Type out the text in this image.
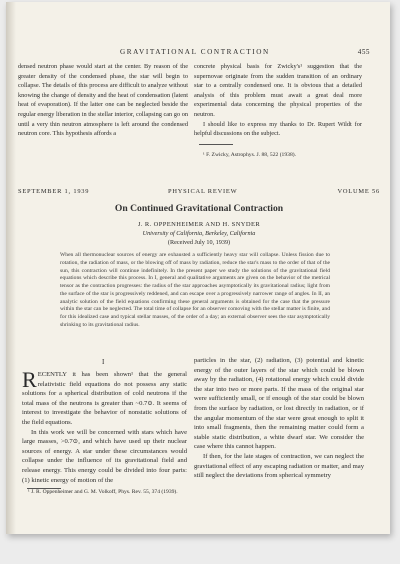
GRAVITATIONAL CONTRACTION	455
densed neutron phase would start at the center. By reason of the greater density of the condensed phase, the star will begin to collapse. The details of this process are difficult to analyze without knowing the change of density and the heat of condensation (latent heat of evaporation). If the latter one can be neglected beside the regular energy liberation in the stellar interior, collapsing can go on until a very thin neutron atmosphere is left around the condensed neutron core. This hypothesis affords a
concrete physical basis for Zwicky's¹ suggestion that the supernovae originate from the sudden transition of an ordinary star to a centrally condensed one. It is obvious that a detailed analysis of this problem must await a great deal more experimental data concerning the physical properties of the neutron.
I should like to express my thanks to Dr. Rupert Wildt for helpful discussions on the subject.
¹ F. Zwicky, Astrophys. J. 88, 522 (1938).
SEPTEMBER 1, 1939	PHYSICAL REVIEW	VOLUME 56
On Continued Gravitational Contraction
J. R. OPPENHEIMER AND H. SNYDER
University of California, Berkeley, California
(Received July 10, 1939)
When all thermonuclear sources of energy are exhausted a sufficiently heavy star will collapse. Unless fission due to rotation, the radiation of mass, or the blowing off of mass by radiation, reduce the star's mass to the order of that of the sun, this contraction will continue indefinitely. In the present paper we study the solutions of the gravitational field equations which describe this process. In I, general and qualitative arguments are given on the behavior of the metrical tensor as the contraction progresses: the radius of the star approaches asymptotically its gravitational radius; light from the surface of the star is progressively reddened, and can escape over a progressively narrower range of angles. In II, an analytic solution of the field equations confirming these general arguments is obtained for the case that the pressure within the star can be neglected. The total time of collapse for an observer comoving with the stellar matter is finite, and for this idealized case and typical stellar masses, of the order of a day; an external observer sees the star asymptotically shrinking to its gravitational radius.
I
RECENTLY it has been shown¹ that the general relativistic field equations do not possess any static solutions for a spherical distribution of cold neutrons if the total mass of the neutrons is greater than ~0.7⊙. It seems of interest to investigate the behavior of nonstatic solutions of the field equations.
In this work we will be concerned with stars which have large masses, >0.7⊙, and which have used up their nuclear sources of energy. A star under these circumstances would collapse under the influence of its gravitational field and release energy. This energy could be divided into four parts: (1) kinetic energy of motion of the
¹ J. R. Oppenheimer and G. M. Volkoff, Phys. Rev. 55, 374 (1939).
particles in the star, (2) radiation, (3) potential and kinetic energy of the outer layers of the star which could be blown away by the radiation, (4) rotational energy which could divide the star into two or more parts. If the mass of the original star were sufficiently small, or if enough of the star could be blown from the surface by radiation, or lost directly in radiation, or if the angular momentum of the star were great enough to split it into small fragments, then the remaining matter could form a stable static distribution, a white dwarf star. We consider the case where this cannot happen.
If then, for the late stages of contraction, we can neglect the gravitational effect of any escaping radiation or matter, and may still neglect the deviations from spherical symmetry
